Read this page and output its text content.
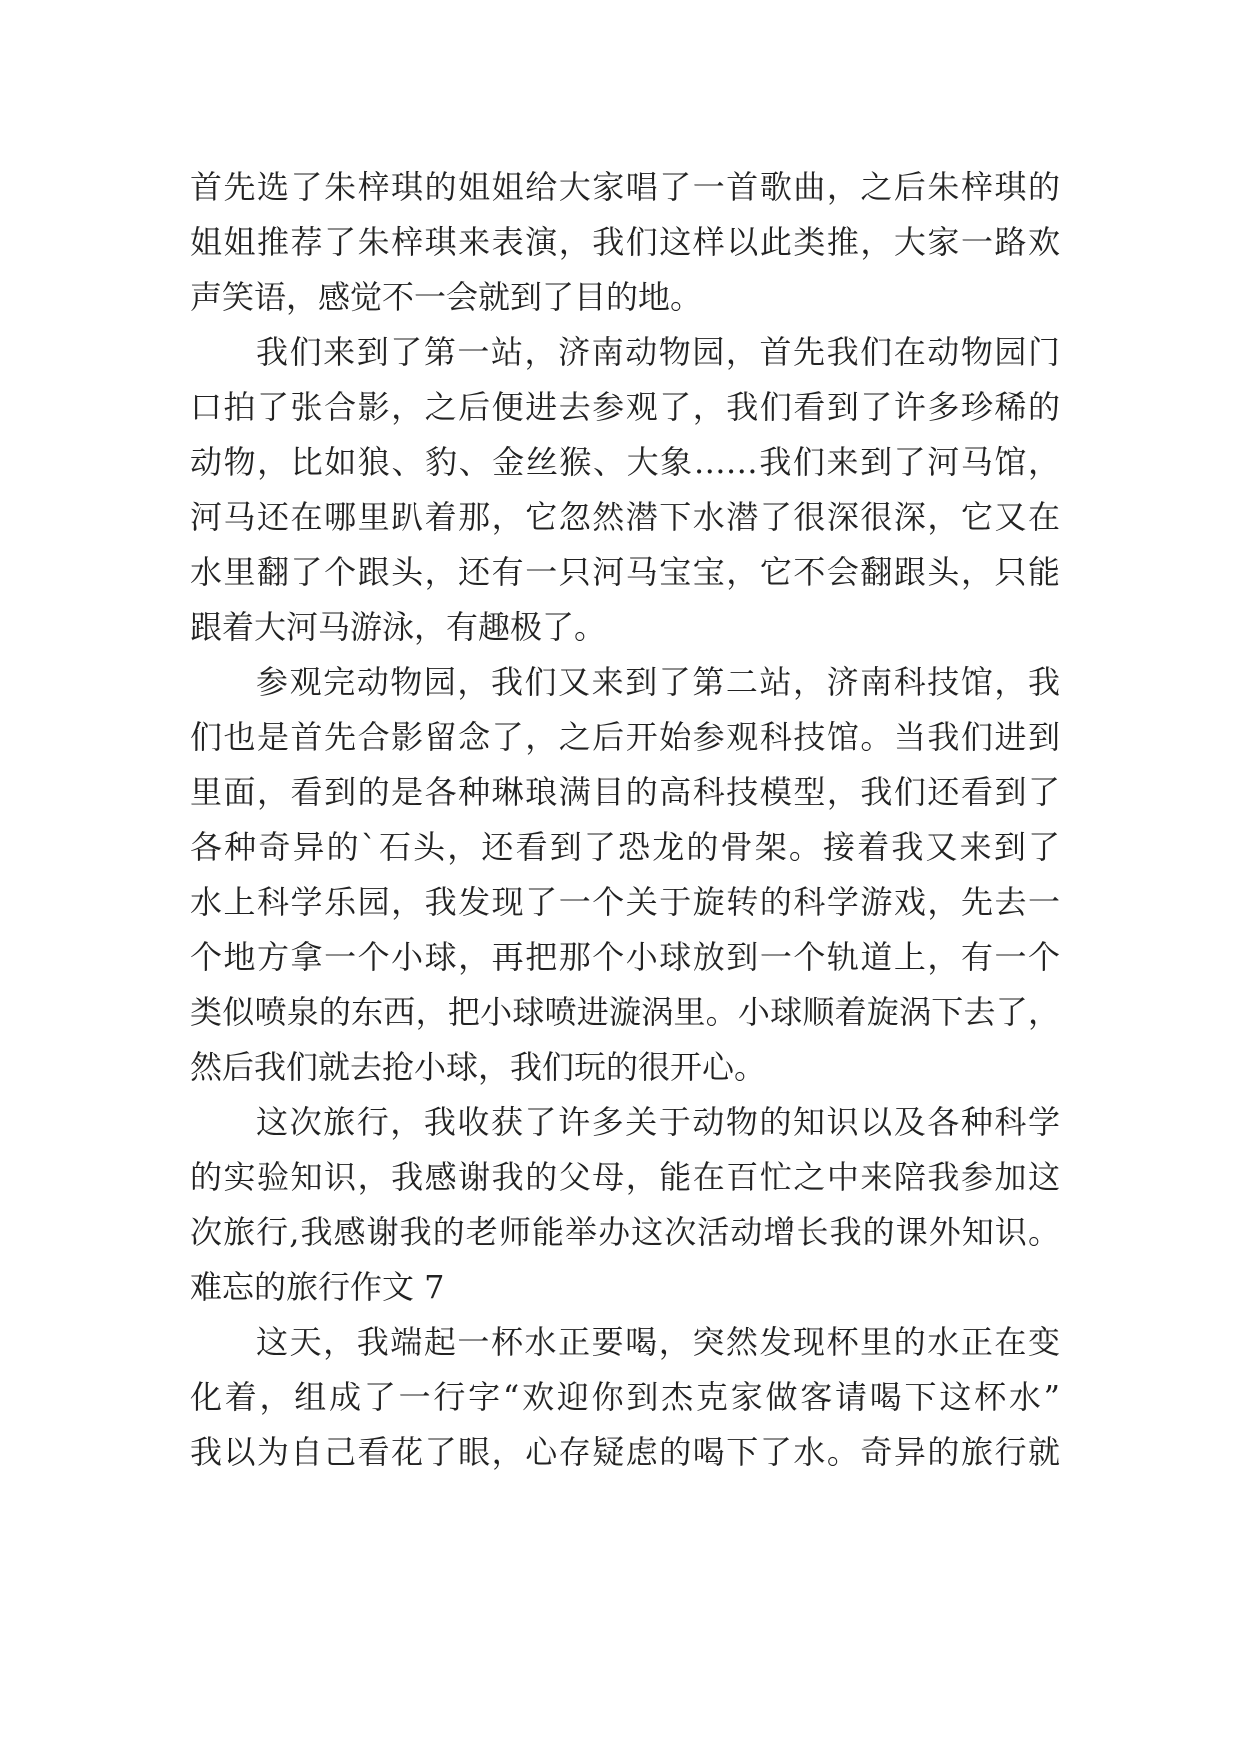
首先选了朱梓琪的姐姐给大家唱了一首歌曲，之后朱梓琪的
姐姐推荐了朱梓琪来表演，我们这样以此类推，大家一路欢
声笑语，感觉不一会就到了目的地。
我们来到了第一站，济南动物园，首先我们在动物园门
口拍了张合影，之后便进去参观了，我们看到了许多珍稀的
动物，比如狼、豹、金丝猴、大象……我们来到了河马馆，
河马还在哪里趴着那，它忽然潜下水潜了很深很深，它又在
水里翻了个跟头，还有一只河马宝宝，它不会翻跟头，只能
跟着大河马游泳，有趣极了。
参观完动物园，我们又来到了第二站，济南科技馆，我
们也是首先合影留念了，之后开始参观科技馆。当我们进到
里面，看到的是各种琳琅满目的高科技模型，我们还看到了
各种奇异的`石头，还看到了恐龙的骨架。接着我又来到了
水上科学乐园，我发现了一个关于旋转的科学游戏，先去一
个地方拿一个小球，再把那个小球放到一个轨道上，有一个
类似喷泉的东西，把小球喷进漩涡里。小球顺着旋涡下去了，
然后我们就去抢小球，我们玩的很开心。
这次旅行，我收获了许多关于动物的知识以及各种科学
的实验知识，我感谢我的父母，能在百忙之中来陪我参加这
次旅行,我感谢我的老师能举办这次活动增长我的课外知识。
难忘的旅行作文 7
这天，我端起一杯水正要喝，突然发现杯里的水正在变
化着，组成了一行字“欢迎你到杰克家做客请喝下这杯水”
我以为自己看花了眼，心存疑虑的喝下了水。奇异的旅行就
